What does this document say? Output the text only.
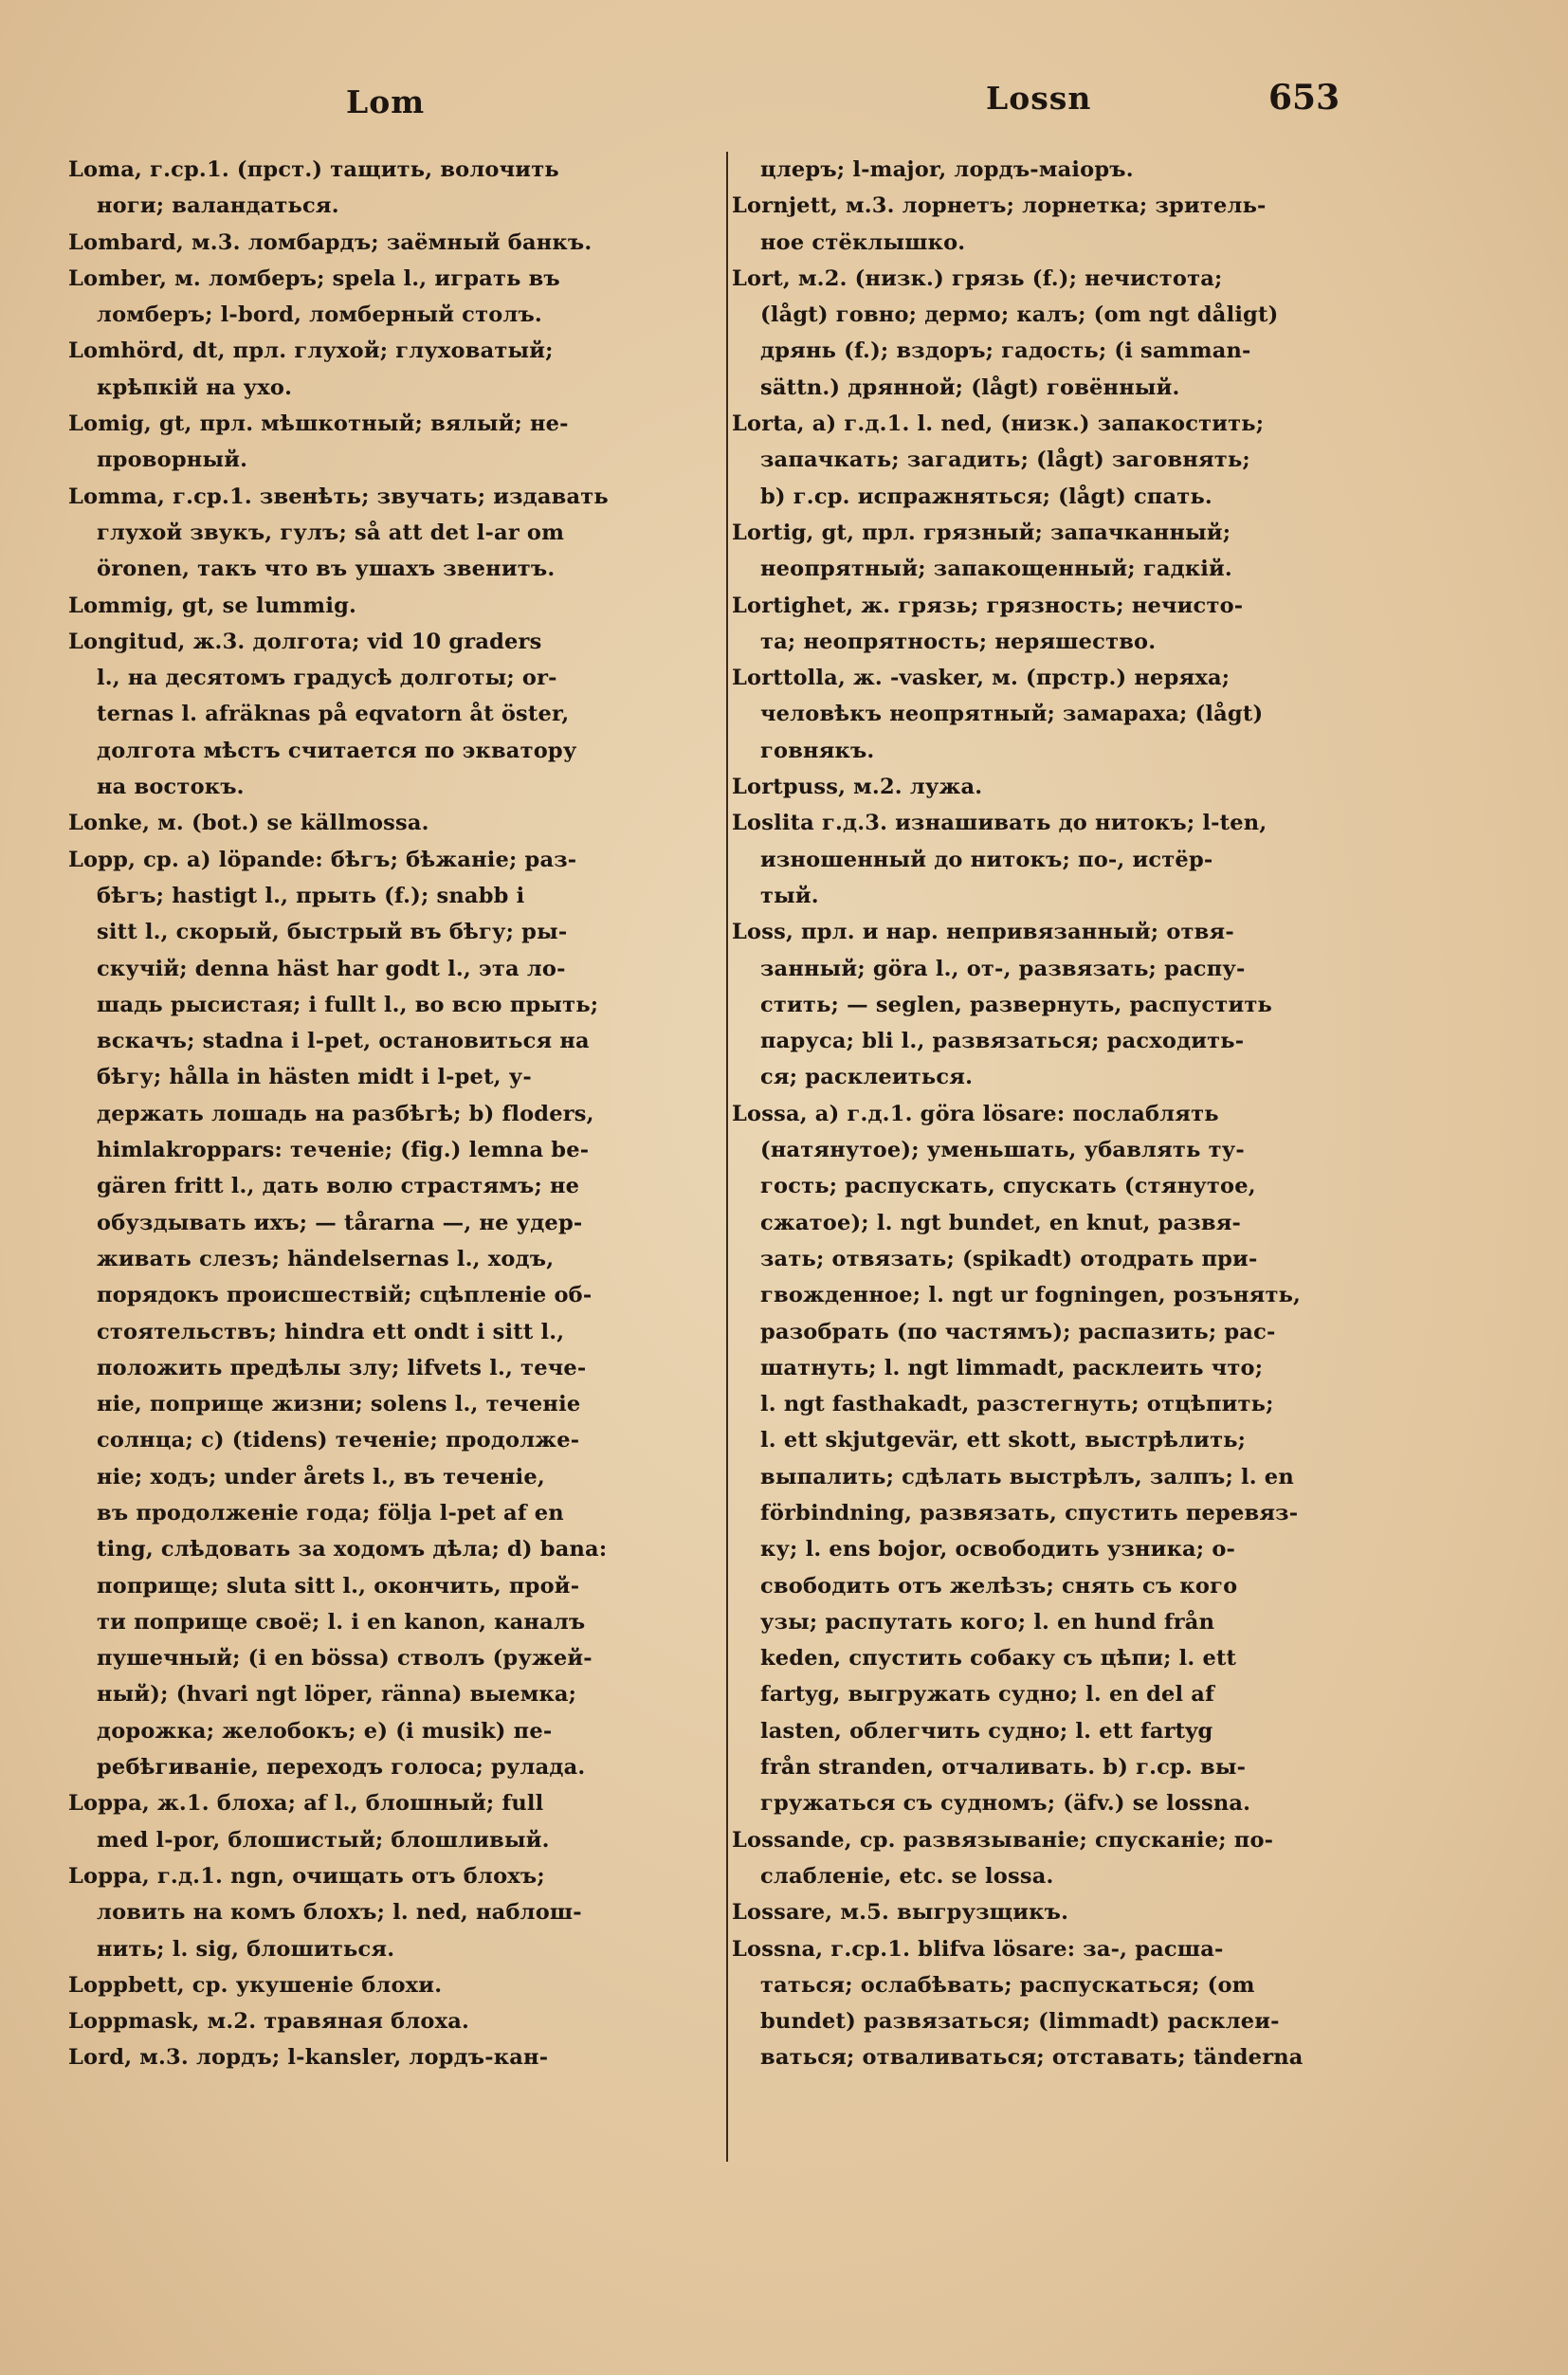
Lom	Lossn	653
Loma, г.ср.1. (прст.) тащить, волочить
ноги; валандаться.
Lombard, м.3. ломбардъ; заёмный банкъ.
Lomber, м. ломберъ; spela l., играть въ
ломберъ; l-bord, ломберный столъ.
Lomhörd, dt, прл. глухой; глуховатый;
крѣпкій на ухо.
Lomig, gt, прл. мѣшкотный; вялый; не-
проворный.
Lomma, г.ср.1. звенѣть; звучать; издавать
глухой звукъ, гулъ; så att det l-ar om
öronen, такъ что въ ушахъ звенитъ.
Lommig, gt, se lummig.
Longitud, ж.3. долгота; vid 10 graders
l., на десятомъ градусѣ долготы; or-
ternas l. afräknas på eqvatorn åt öster,
долгота мѣстъ считается по экватору
на востокъ.
Lonke, м. (bot.) se källmossa.
Lopp, ср. a) löpande: бѣгъ; бѣжаніе; раз-
бѣгъ; hastigt l., прыть (f.); snabb i
sitt l., скорый, быстрый въ бѣгу; ры-
скучій; denna häst har godt l., эта ло-
шадь рысистая; i fullt l., во всю прыть;
вскачъ; stadna i l-pet, остановиться на
бѣгу; hålla in hästen midt i l-pet, у-
держать лошадь на разбѣгѣ; b) floders,
himlakroppars: теченіе; (fig.) lemna be-
gären fritt l., дать волю страстямъ; не
обуздывать ихъ; — tårarna —, не удер-
живать слезъ; händelsernas l., ходъ,
порядокъ происшествій; сцѣпленіе об-
стоятельствъ; hindra ett ondt i sitt l.,
положить предѣлы злу; lifvets l., тече-
ніе, поприще жизни; solens l., теченіе
солнца; c) (tidens) теченіе; продолже-
ніе; ходъ; under årets l., въ теченіе,
въ продолженіе года; följa l-pet af en
ting, слѣдовать за ходомъ дѣла; d) bana:
поприще; sluta sitt l., окончить, прой-
ти поприще своё; l. i en kanon, каналъ
пушечный; (i en bössa) стволъ (ружей-
ный); (hvari ngt löper, ränna) выемка;
дорожка; желобокъ; e) (i musik) пе-
ребѣгиваніе, переходъ голоса; рулада.
Loppa, ж.1. блоха; af l., блошный; full
med l-por, блошистый; блошливый.
Loppa, г.д.1. ngn, очищать отъ блохъ;
ловить на комъ блохъ; l. ned, наблош-
нить; l. sig, блошиться.
Loppbett, ср. укушеніе блохи.
Loppmask, м.2. травяная блоха.
Lord, м.3. лордъ; l-kansler, лордъ-кан-
цлеръ; l-major, лордъ-маіоръ.
Lornjett, м.3. лорнетъ; лорнетка; зритель-
ное стёклышко.
Lort, м.2. (низк.) грязь (f.); нечистота;
(lågt) говно; дермо; калъ; (om ngt dåligt)
дрянь (f.); вздоръ; гадость; (i samman-
sättn.) дрянной; (lågt) говённый.
Lorta, a) г.д.1. l. ned, (низк.) запакостить;
запачкать; загадить; (lågt) заговнять;
b) г.ср. испражняться; (lågt) спать.
Lortig, gt, прл. грязный; запачканный;
неопрятный; запакощенный; гадкій.
Lortighet, ж. грязь; грязность; нечисто-
та; неопрятность; неряшество.
Lorttolla, ж. -vasker, м. (прстр.) неряха;
человѣкъ неопрятный; замараха; (lågt)
говнякъ.
Lortpuss, м.2. лужа.
Loslita г.д.3. изнашивать до нитокъ; l-ten,
изношенный до нитокъ; по-, истёр-
тый.
Loss, прл. и нар. непривязанный; отвя-
занный; göra l., от-, развязать; распу-
стить; — seglen, развернуть, распустить
паруса; bli l., развязаться; расходить-
ся; расклеиться.
Lossa, a) г.д.1. göra lösare: послаблять
(натянутое); уменьшать, убавлять ту-
гость; распускать, спускать (стянутое,
сжатое); l. ngt bundet, en knut, развя-
зать; отвязать; (spikadt) отодрать при-
гвожденное; l. ngt ur fogningen, розънять,
разобрать (по частямъ); распазить; рас-
шатнуть; l. ngt limmadt, расклеить что;
l. ngt fasthakadt, разстегнуть; отцѣпить;
l. ett skjutgevär, ett skott, выстрѣлить;
выпалить; сдѣлать выстрѣлъ, залпъ; l. en
förbindning, развязать, спустить перевяз-
ку; l. ens bojor, освободить узника; о-
свободить отъ желѣзъ; снять съ кого
узы; распутать кого; l. en hund från
keden, спустить собаку съ цѣпи; l. ett
fartyg, выгружать судно; l. en del af
lasten, облегчить судно; l. ett fartyg
från stranden, отчаливать. b) г.ср. вы-
гружаться съ судномъ; (äfv.) se lossna.
Lossande, ср. развязываніе; спусканіе; по-
слабленіе, etc. se lossa.
Lossare, м.5. выгрузщикъ.
Lossna, г.ср.1. blifva lösare: за-, расша-
таться; ослабѣвать; распускаться; (om
bundet) развязаться; (limmadt) расклеи-
ваться; отваливаться; отставать; tänderna
